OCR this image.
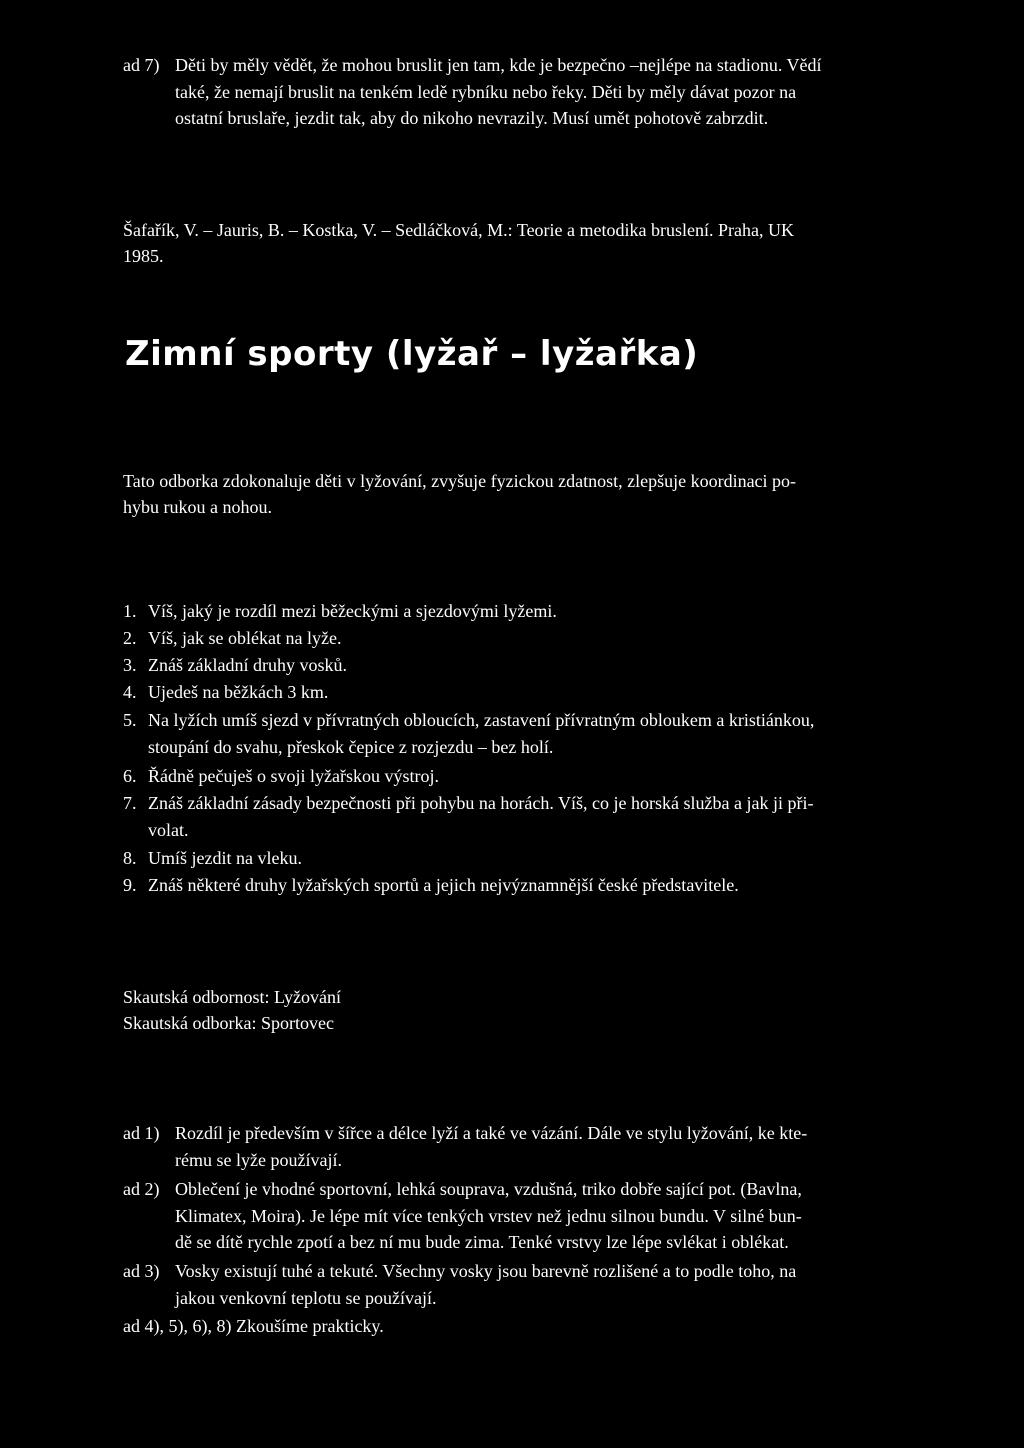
ad 7) Děti by měly vědět, že mohou bruslit jen tam, kde je bezpečno –nejlépe na stadionu. Vědí
také, že nemají bruslit na tenkém ledě rybníku nebo řeky. Děti by měly dávat pozor na
ostatní bruslaře, jezdit tak, aby do nikoho nevrazily. Musí umět pohotově zabrzdit.
Šafařík, V. – Jauris, B. – Kostka, V. – Sedláčková, M.: Teorie a metodika bruslení. Praha, UK
1985.
Zimní sporty (lyžař – lyžařka)
Tato odborka zdokonaluje děti v lyžování, zvyšuje fyzickou zdatnost, zlepšuje koordinaci po-
hybu rukou a nohou.
1. Víš, jaký je rozdíl mezi běžeckými a sjezdovými lyžemi.
2. Víš, jak se oblékat na lyže.
3. Znáš základní druhy vosků.
4. Ujedeš na běžkách 3 km.
5. Na lyžích umíš sjezd v přívratných obloucích, zastavení přívratným obloukem a kristiánkou,
stoupání do svahu, přeskok čepice z rozjezdu – bez holí.
6. Řádně pečuješ o svoji lyžařskou výstroj.
7. Znáš základní zásady bezpečnosti při pohybu na horách. Víš, co je horská služba a jak ji při-
volat.
8. Umíš jezdit na vleku.
9. Znáš některé druhy lyžařských sportů a jejich nejvýznamnější české představitele.
Skautská odbornost: Lyžování
Skautská odborka: Sportovec
ad 1) Rozdíl je především v šířce a délce lyží a také ve vázání. Dále ve stylu lyžování, ke kte-
rému se lyže používají.
ad 2) Oblečení je vhodné sportovní, lehká souprava, vzdušná, triko dobře sající pot. (Bavlna,
Klimatex, Moira). Je lépe mít více tenkých vrstev než jednu silnou bundu. V silné bun-
dě se dítě rychle zpotí a bez ní mu bude zima. Tenké vrstvy lze lépe svlékat i oblékat.
ad 3) Vosky existují tuhé a tekuté. Všechny vosky jsou barevně rozlišené a to podle toho, na
jakou venkovní teplotu se používají.
ad 4), 5), 6), 8) Zkoušíme prakticky.
